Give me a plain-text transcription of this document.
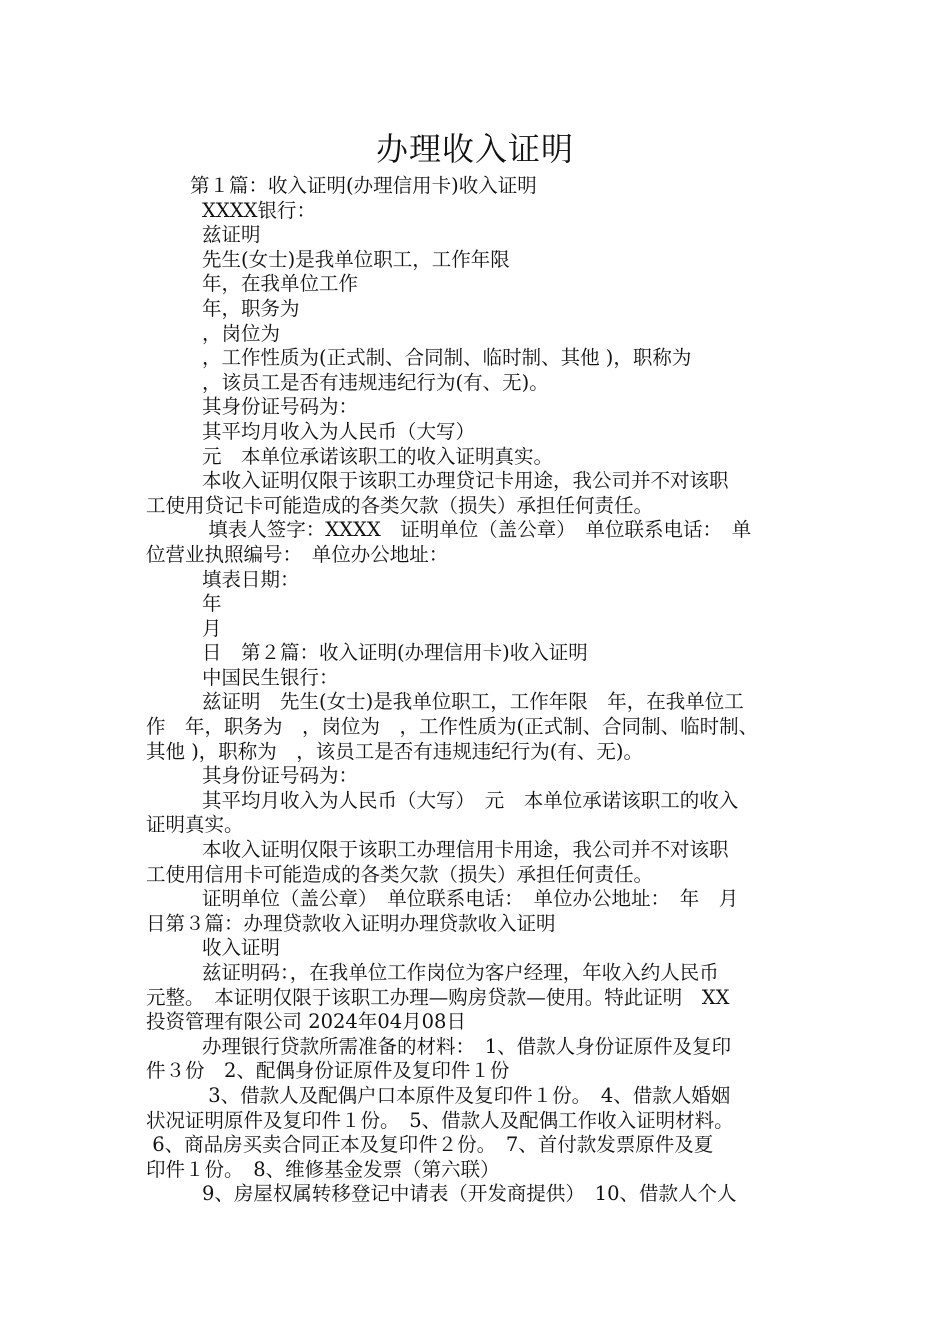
办理收入证明
第１篇：收入证明(办理信用卡)收入证明
XXXX银行：
兹证明
先生(女士)是我单位职工，工作年限
年，在我单位工作
年，职务为
，岗位为
，工作性质为(正式制、合同制、临时制、其他 )，职称为
，该员工是否有违规违纪行为(有、无)。
其身份证号码为：
其平均月收入为人民币（大写）
元　本单位承诺该职工的收入证明真实。
本收入证明仅限于该职工办理贷记卡用途，我公司并不对该职
工使用贷记卡可能造成的各类欠款（损失）承担任何责任。
填表人签字：XXXX　证明单位（盖公章）　单位联系电话：　单
位营业执照编号：　单位办公地址：
填表日期：
年
月
日　第２篇：收入证明(办理信用卡)收入证明
中国民生银行：
兹证明　先生(女士)是我单位职工，工作年限　年，在我单位工
作　年，职务为　，岗位为　，工作性质为(正式制、合同制、临时制、
其他 )，职称为　，该员工是否有违规违纪行为(有、无)。
其身份证号码为：
其平均月收入为人民币（大写）　元　本单位承诺该职工的收入
证明真实。
本收入证明仅限于该职工办理信用卡用途，我公司并不对该职
工使用信用卡可能造成的各类欠款（损失）承担任何责任。
证明单位（盖公章）　单位联系电话：　单位办公地址：　年　月
日第３篇：办理贷款收入证明办理贷款收入证明
收入证明
兹证明码：，在我单位工作岗位为客户经理，年收入约人民币
元整。　本证明仅限于该职工办理—购房贷款—使用。特此证明　XX
投资管理有限公司 2024年04月08日
办理银行贷款所需准备的材料：　1、借款人身份证原件及复印
件３份　2、配偶身份证原件及复印件１份
3、借款人及配偶户口本原件及复印件１份。　4、借款人婚姻
状况证明原件及复印件１份。　5、借款人及配偶工作收入证明材料。
6、商品房买卖合同正本及复印件２份。　7、首付款发票原件及夏
印件１份。　8、维修基金发票（第六联）
9、房屋权属转移登记中请表（开发商提供）　10、借款人个人
